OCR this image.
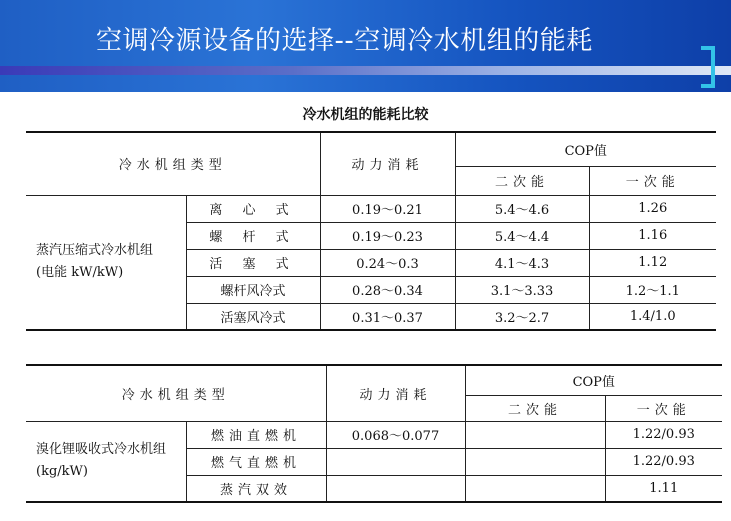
空调冷源设备的选择--空调冷水机组的能耗
冷水机组的能耗比较
冷水机组类型		动力消耗	COP值	
			二次能	一次能
蒸汽压缩式冷水机组
(电能 kW/kW)	离 心 式	0.19～0.21	5.4～4.6	1.26
	螺 杆 式	0.19～0.23	5.4～4.4	1.16
	活 塞 式	0.24～0.3	4.1～4.3	1.12
	螺杆风冷式	0.28～0.34	3.1～3.33	1.2～1.1
	活塞风冷式	0.31～0.37	3.2～2.7	1.4/1.0
冷水机组类型		动力消耗	COP值	
			二次能	一次能
溴化锂吸收式冷水机组(kg/kW)	燃油直燃机	0.068～0.077		1.22/0.93
	燃气直燃机			1.22/0.93
	蒸汽双效			1.11
